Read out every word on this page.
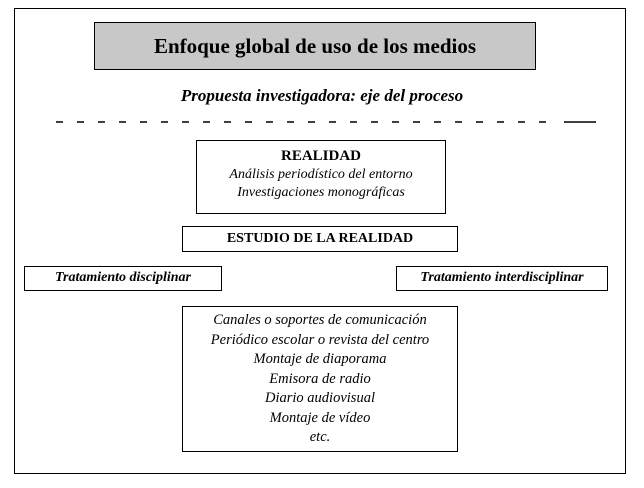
Enfoque global de uso de los medios
Propuesta investigadora: eje del proceso
REALIDAD
Análisis periodístico del entorno
Investigaciones monográficas
ESTUDIO DE LA REALIDAD
Tratamiento disciplinar	Tratamiento interdisciplinar
Canales o soportes de comunicación
Periódico escolar o revista del centro
Montaje de diaporama
Emisora de radio
Diario audiovisual
Montaje de vídeo
etc.
